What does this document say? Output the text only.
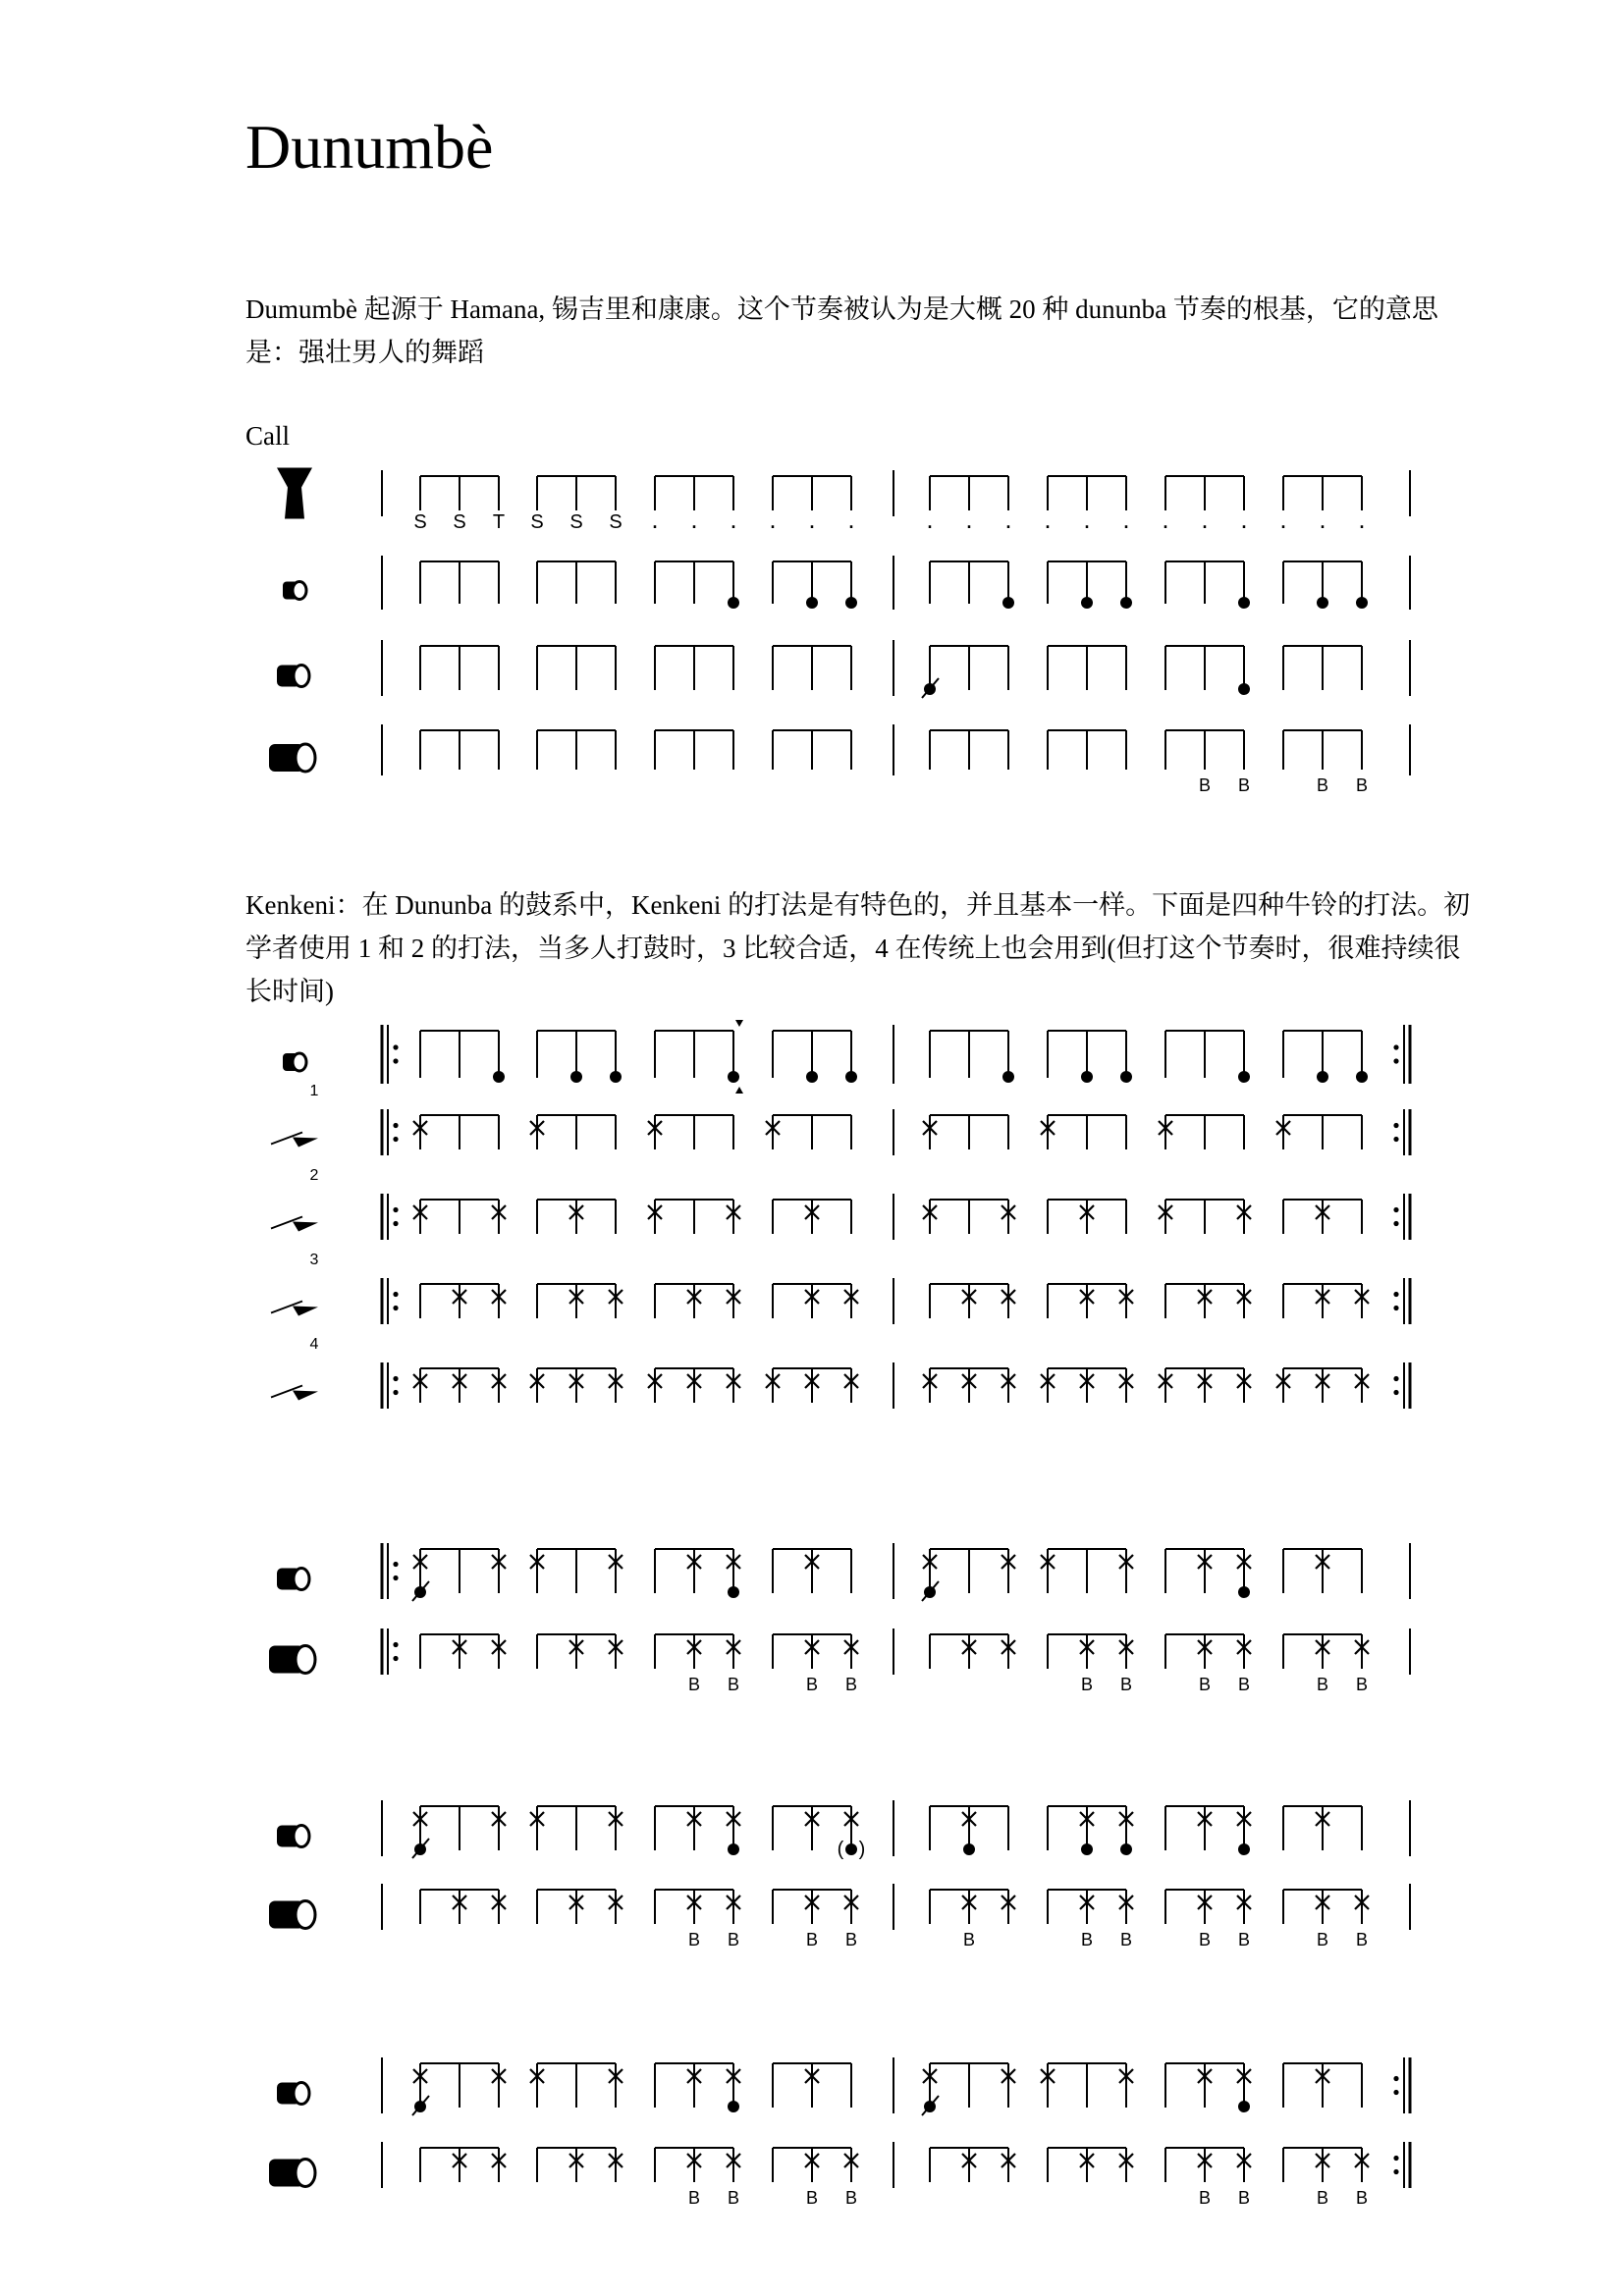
Dunumbè

Dumumbè 起源于 Hamana, 锡吉里和康康。这个节奏被认为是大概 20 种 dununba 节奏的根基，它的意思是：强壮男人的舞蹈

Call

Kenkeni：在 Dununba 的鼓系中，Kenkeni 的打法是有特色的，并且基本一样。下面是四种牛铃的打法。初学者使用 1 和 2 的打法，当多人打鼓时，3 比较合适，4 在传统上也会用到(但打这个节奏时，很难持续很长时间)

S S T S S S . . . . . .	. . . . . . . . . . . .
B B	B B
1
2
3
4
B B	B B	B B	B B	B B
( )
B B	B B	B	B B	B B	B B
B B	B B	B B	B B
